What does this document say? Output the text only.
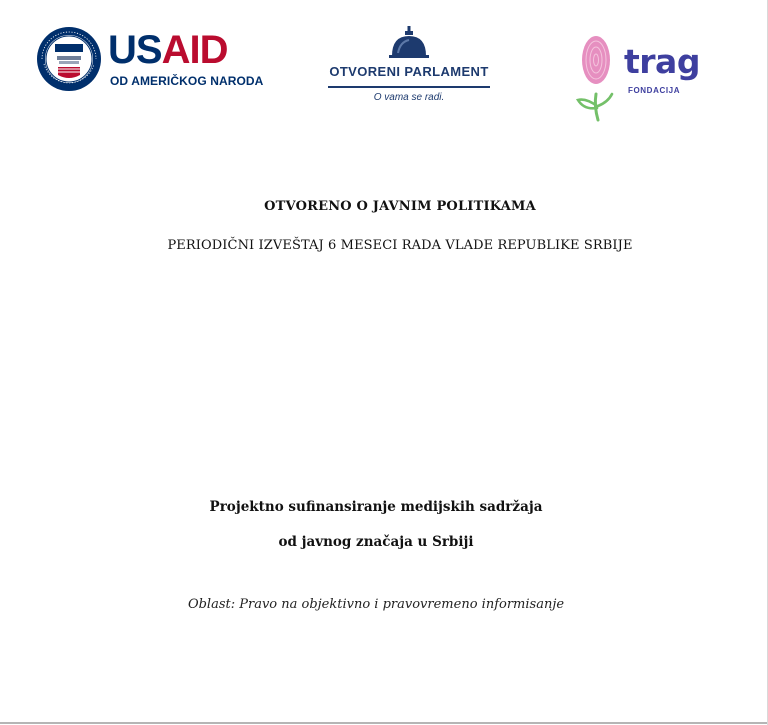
USAID
OD AMERIČKOG NARODA
OTVORENI PARLAMENT
O vama se radi.
trag
FONDACIJA
OTVORENO O JAVNIM POLITIKAMA
PERIODIČNI IZVEŠTAJ 6 MESECI RADA VLADE REPUBLIKE SRBIJE
Projektno sufinansiranje medijskih sadržaja
od javnog značaja u Srbiji
Oblast: Pravo na objektivno i pravovremeno informisanje
